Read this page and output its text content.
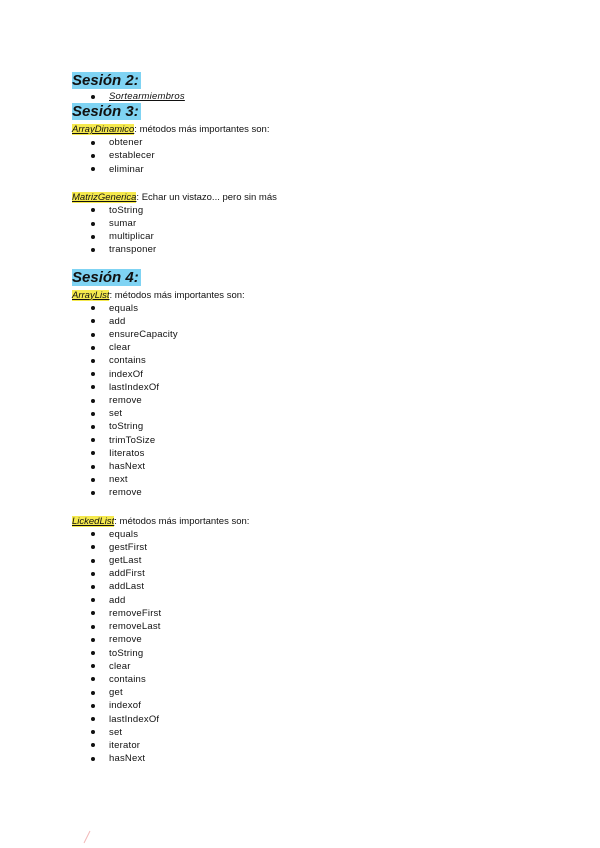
Sesión 2:
Sortearmiembros
Sesión 3:
ArrayDinamico: métodos más importantes son:
obtener
establecer
eliminar
MatrizGenerica: Echar un vistazo... pero sin más
toString
sumar
multiplicar
transponer
Sesión 4:
ArrayList: métodos más importantes son:
equals
add
ensureCapacity
clear
contains
indexOf
lastIndexOf
remove
set
toString
trimToSize
Iiteratos
hasNext
next
remove
LickedList: métodos más importantes son:
equals
gestFirst
getLast
addFirst
addLast
add
removeFirst
removeLast
remove
toString
clear
contains
get
indexof
lastIndexOf
set
iterator
hasNext
